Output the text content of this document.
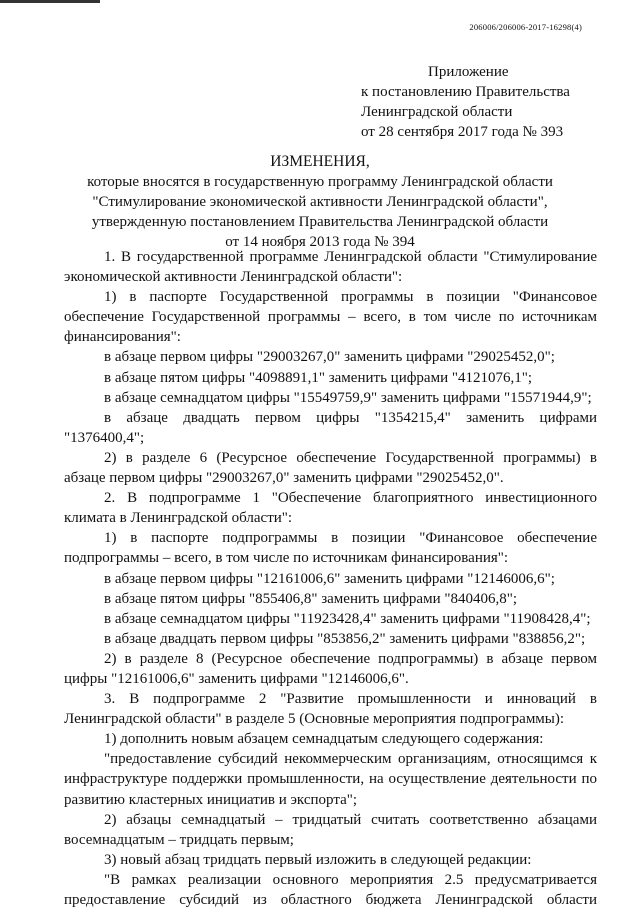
206006/206006-2017-16298(4)
Приложение
к постановлению Правительства
Ленинградской области
от 28 сентября 2017 года № 393
ИЗМЕНЕНИЯ,
которые вносятся в государственную программу Ленинградской области
"Стимулирование экономической активности Ленинградской области",
утвержденную постановлением Правительства Ленинградской области
от 14 ноября 2013 года № 394

1. В государственной программе Ленинградской области "Стимулирование экономической активности Ленинградской области":

1) в паспорте Государственной программы в позиции "Финансовое обеспечение Государственной программы – всего, в том числе по источникам финансирования":

в абзаце первом цифры "29003267,0" заменить цифрами "29025452,0";

в абзаце пятом цифры "4098891,1" заменить цифрами "4121076,1";

в абзаце семнадцатом цифры "15549759,9" заменить цифрами "15571944,9";

в абзаце двадцать первом цифры "1354215,4" заменить цифрами "1376400,4";

2) в разделе 6 (Ресурсное обеспечение Государственной программы) в абзаце первом цифры "29003267,0" заменить цифрами "29025452,0".

2. В подпрограмме 1 "Обеспечение благоприятного инвестиционного климата в Ленинградской области":

1) в паспорте подпрограммы в позиции "Финансовое обеспечение подпрограммы – всего, в том числе по источникам финансирования":

в абзаце первом цифры "12161006,6" заменить цифрами "12146006,6";

в абзаце пятом цифры "855406,8" заменить цифрами "840406,8";

в абзаце семнадцатом цифры "11923428,4" заменить цифрами "11908428,4";

в абзаце двадцать первом цифры "853856,2" заменить цифрами "838856,2";

2) в разделе 8 (Ресурсное обеспечение подпрограммы) в абзаце первом цифры "12161006,6" заменить цифрами "12146006,6".

3. В подпрограмме 2 "Развитие промышленности и инноваций в Ленинградской области" в разделе 5 (Основные мероприятия подпрограммы):

1) дополнить новым абзацем семнадцатым следующего содержания:

"предоставление субсидий некоммерческим организациям, относящимся к инфраструктуре поддержки промышленности, на осуществление деятельности по развитию кластерных инициатив и экспорта";

2) абзацы семнадцатый – тридцатый считать соответственно абзацами восемнадцатым – тридцать первым;

3) новый абзац тридцать первый изложить в следующей редакции:

"В рамках реализации основного мероприятия 2.5 предусматривается предоставление субсидий из областного бюджета Ленинградской области
